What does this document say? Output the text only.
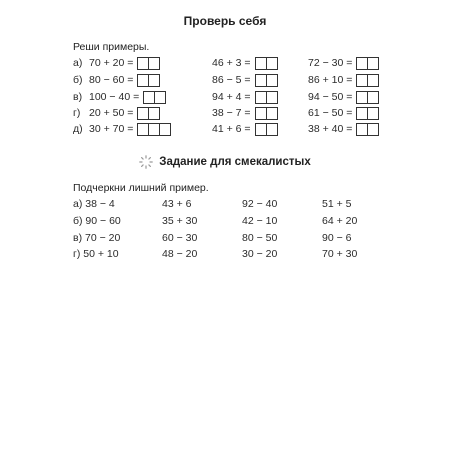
Проверь себя
Реши примеры.
а) 70 + 20 =	46 + 3 =	72 − 30 =
б) 80 − 60 =	86 − 5 =	86 + 10 =
в) 100 − 40 =	94 + 4 =	94 − 50 =
г) 20 + 50 =	38 − 7 =	61 − 50 =
д) 30 + 70 =	41 + 6 =	38 + 40 =
Задание для смекалистых
Подчеркни лишний пример.
а) 38 − 4	43 + 6	92 − 40	51 + 5
б) 90 − 60	35 + 30	42 − 10	64 + 20
в) 70 − 20	60 − 30	80 − 50	90 − 6
г) 50 + 10	48 − 20	30 − 20	70 + 30
